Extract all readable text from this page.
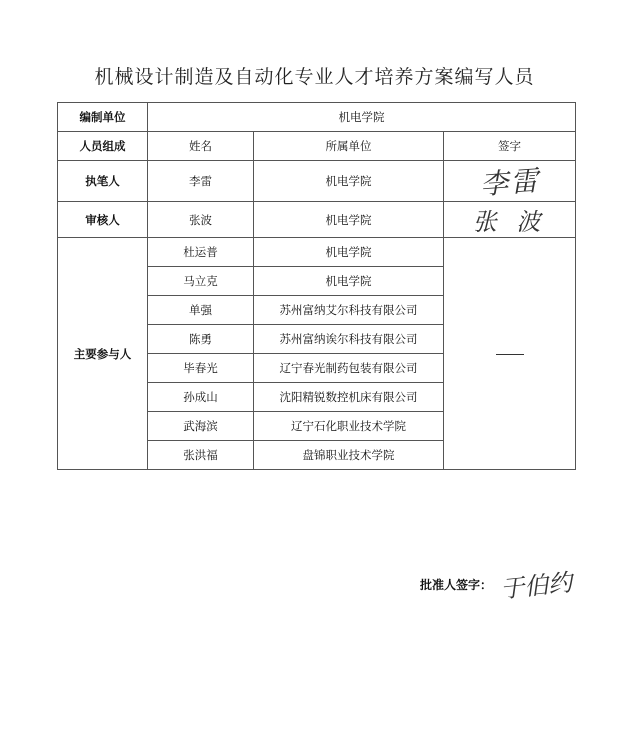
机械设计制造及自动化专业人才培养方案编写人员
编制单位	机电学院		
人员组成	姓名	所属单位	签字
执笔人	李雷	机电学院	李雷
审核人	张波	机电学院	张 波
主要参与人	杜运普	机电学院	
	马立克	机电学院	
	单强	苏州富纳艾尔科技有限公司	
	陈勇	苏州富纳诶尔科技有限公司	
	毕春光	辽宁春光制药包装有限公司	
	孙成山	沈阳精锐数控机床有限公司	
	武海滨	辽宁石化职业技术学院	
	张洪福	盘锦职业技术学院	
批准人签字： 于伯约
